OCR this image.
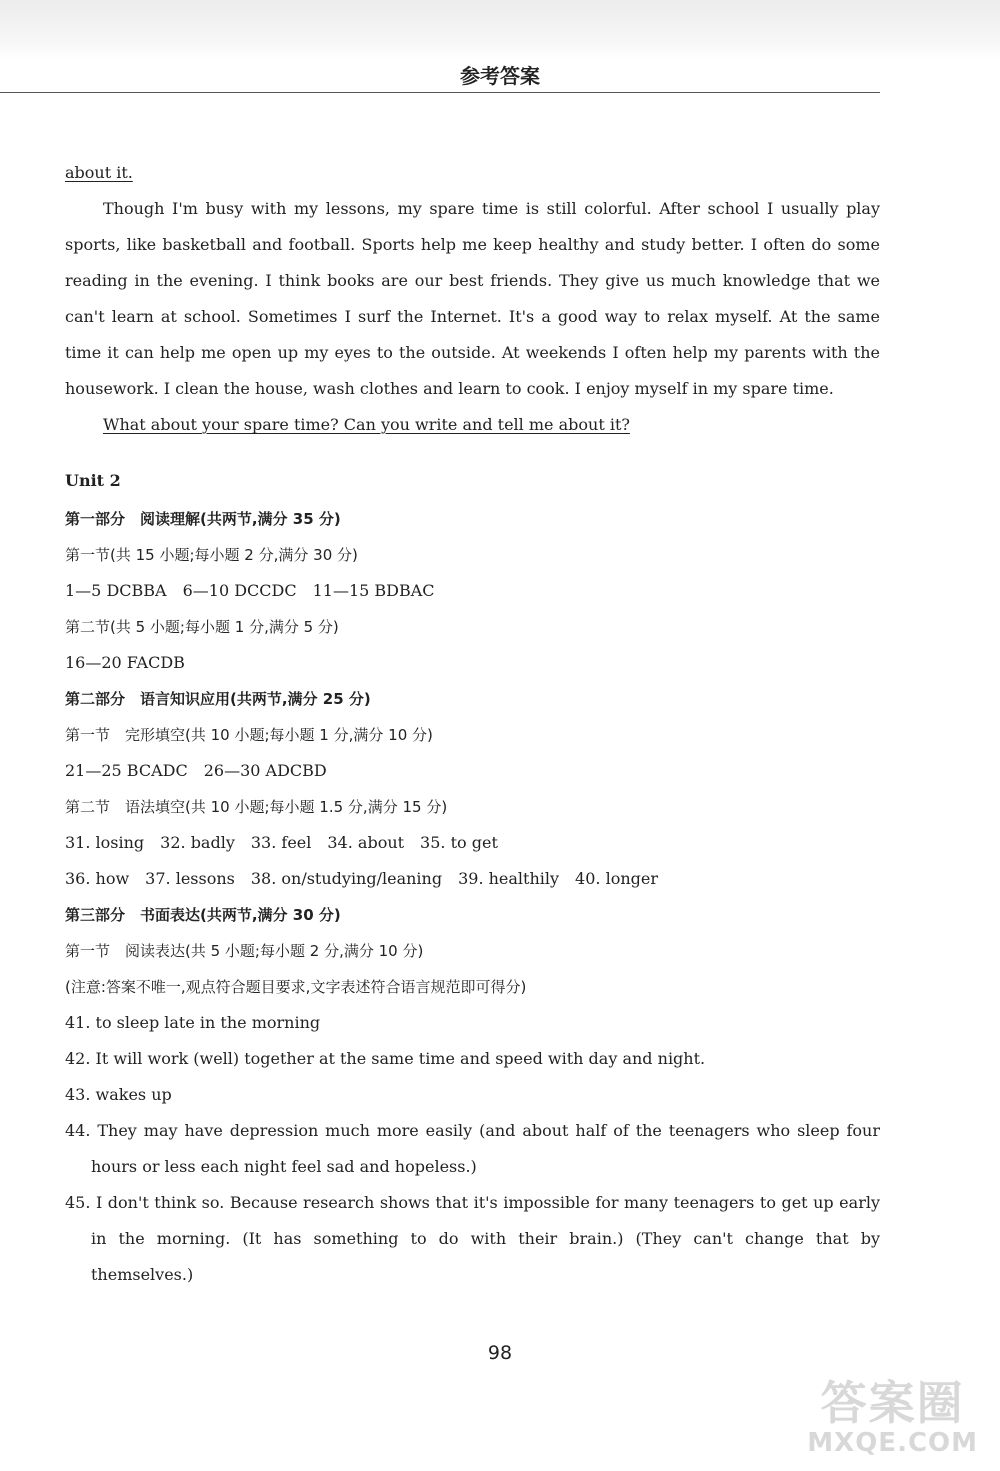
参考答案
about it.
Though I'm busy with my lessons, my spare time is still colorful. After school I usually play
sports, like basketball and football. Sports help me keep healthy and study better. I often do some
reading in the evening. I think books are our best friends. They give us much knowledge that we
can't learn at school. Sometimes I surf the Internet. It's a good way to relax myself. At the same
time it can help me open up my eyes to the outside. At weekends I often help my parents with the
housework. I clean the house, wash clothes and learn to cook. I enjoy myself in my spare time.
What about your spare time? Can you write and tell me about it?
Unit 2
第一部分　阅读理解(共两节,满分 35 分)
第一节(共 15 小题;每小题 2 分,满分 30 分)
1—5 DCBBA　6—10 DCCDC　11—15 BDBAC
第二节(共 5 小题;每小题 1 分,满分 5 分)
16—20 FACDB
第二部分　语言知识应用(共两节,满分 25 分)
第一节　完形填空(共 10 小题;每小题 1 分,满分 10 分)
21—25 BCADC　26—30 ADCBD
第二节　语法填空(共 10 小题;每小题 1.5 分,满分 15 分)
31. losing　32. badly　33. feel　34. about　35. to get
36. how　37. lessons　38. on/studying/leaning　39. healthily　40. longer
第三部分　书面表达(共两节,满分 30 分)
第一节　阅读表达(共 5 小题;每小题 2 分,满分 10 分)
(注意:答案不唯一,观点符合题目要求,文字表述符合语言规范即可得分)
41. to sleep late in the morning
42. It will work (well) together at the same time and speed with day and night.
43. wakes up
44. They may have depression much more easily (and about half of the teenagers who sleep four
hours or less each night feel sad and hopeless.)
45. I don't think so. Because research shows that it's impossible for many teenagers to get up early
in the morning. (It has something to do with their brain.) (They can't change that by
themselves.)
98
答案圈
MXQE.COM
